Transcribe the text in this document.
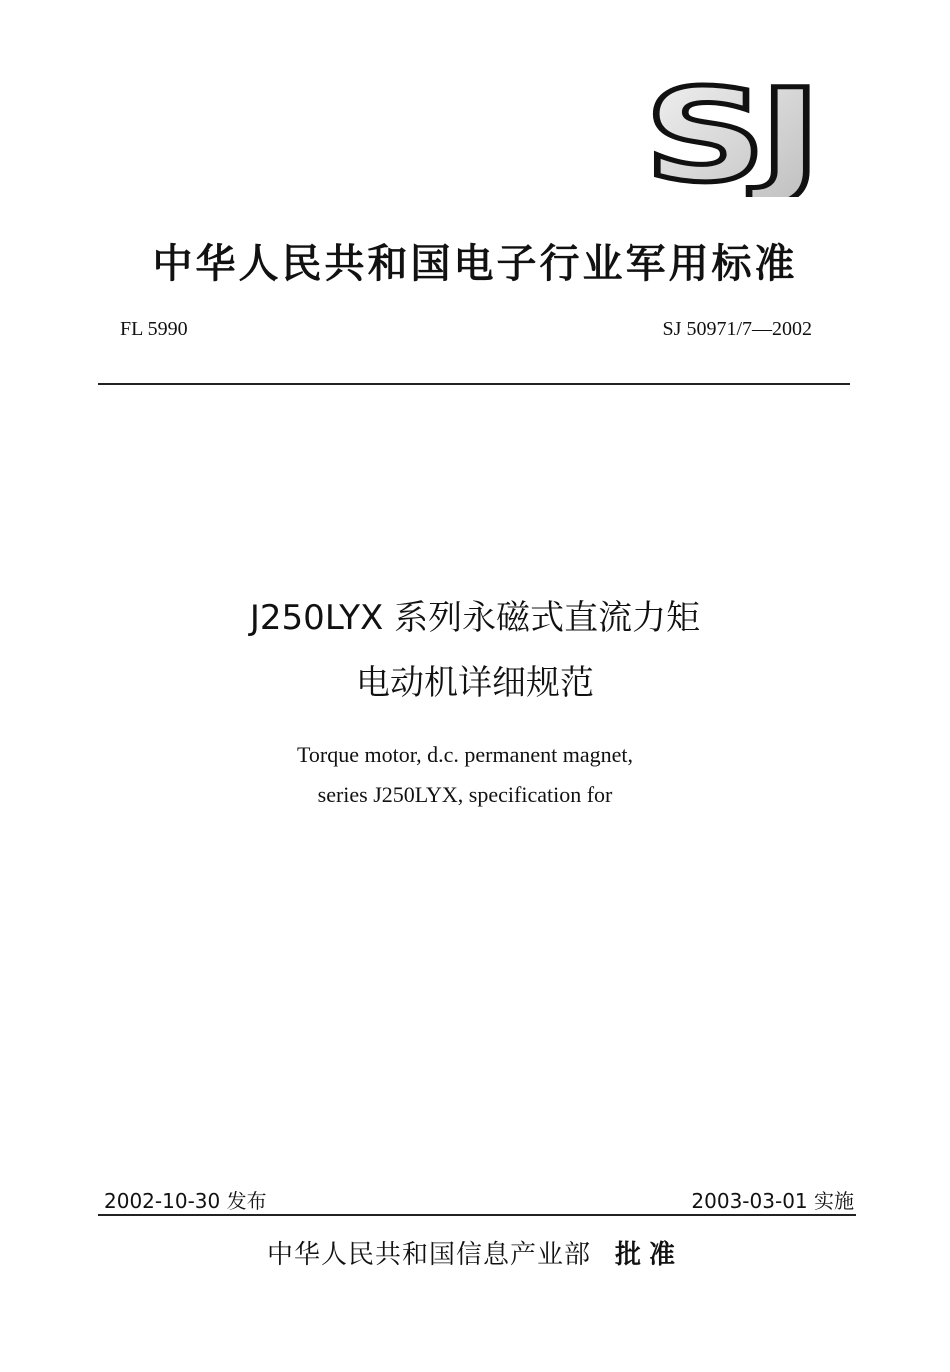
SJ
中华人民共和国电子行业军用标准
FL 5990	SJ 50971/7—2002
J250LYX 系列永磁式直流力矩
电动机详细规范
Torque motor, d.c. permanent magnet,
series J250LYX, specification for
2002-10-30 发布	2003-03-01 实施
中华人民共和国信息产业部 批准
